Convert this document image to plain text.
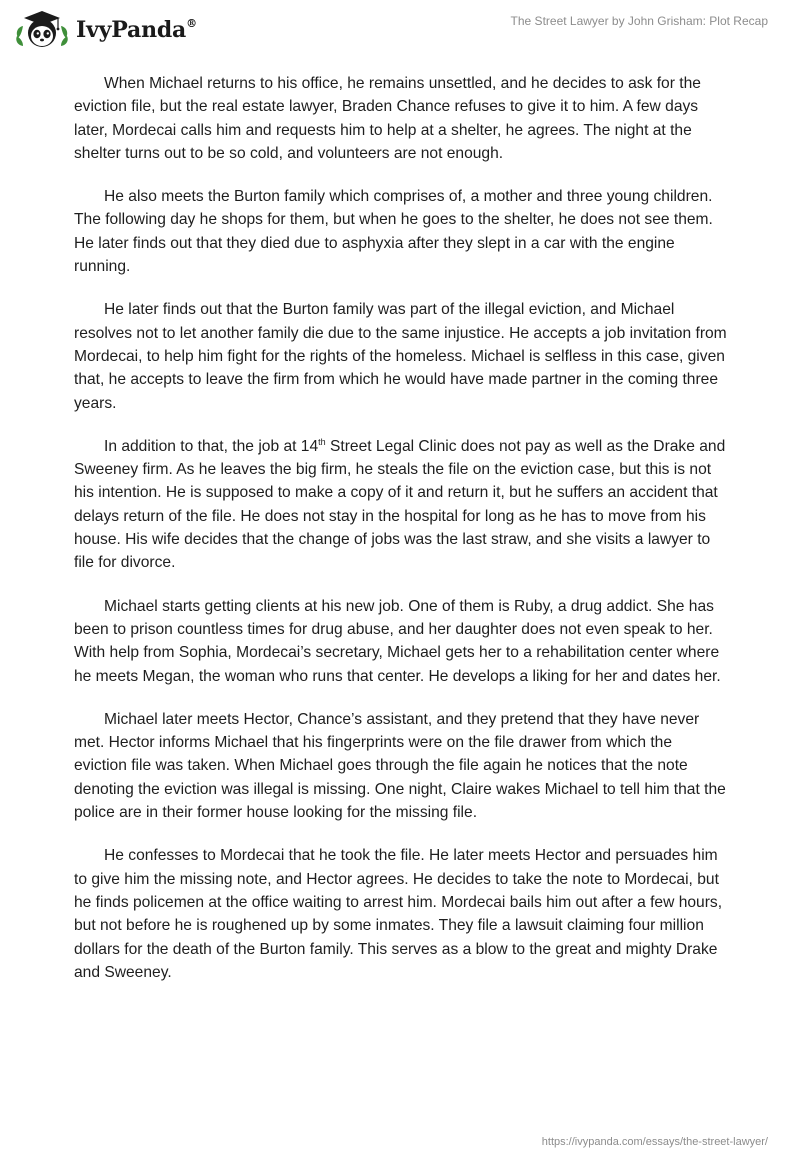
IvyPanda®	The Street Lawyer by John Grisham: Plot Recap

When Michael returns to his office, he remains unsettled, and he decides to ask for the eviction file, but the real estate lawyer, Braden Chance refuses to give it to him. A few days later, Mordecai calls him and requests him to help at a shelter, he agrees. The night at the shelter turns out to be so cold, and volunteers are not enough.

He also meets the Burton family which comprises of, a mother and three young children. The following day he shops for them, but when he goes to the shelter, he does not see them. He later finds out that they died due to asphyxia after they slept in a car with the engine running.

He later finds out that the Burton family was part of the illegal eviction, and Michael resolves not to let another family die due to the same injustice. He accepts a job invitation from Mordecai, to help him fight for the rights of the homeless. Michael is selfless in this case, given that, he accepts to leave the firm from which he would have made partner in the coming three years.

In addition to that, the job at 14th Street Legal Clinic does not pay as well as the Drake and Sweeney firm. As he leaves the big firm, he steals the file on the eviction case, but this is not his intention. He is supposed to make a copy of it and return it, but he suffers an accident that delays return of the file. He does not stay in the hospital for long as he has to move from his house. His wife decides that the change of jobs was the last straw, and she visits a lawyer to file for divorce.

Michael starts getting clients at his new job. One of them is Ruby, a drug addict. She has been to prison countless times for drug abuse, and her daughter does not even speak to her. With help from Sophia, Mordecai’s secretary, Michael gets her to a rehabilitation center where he meets Megan, the woman who runs that center. He develops a liking for her and dates her.

Michael later meets Hector, Chance’s assistant, and they pretend that they have never met. Hector informs Michael that his fingerprints were on the file drawer from which the eviction file was taken. When Michael goes through the file again he notices that the note denoting the eviction was illegal is missing. One night, Claire wakes Michael to tell him that the police are in their former house looking for the missing file.

He confesses to Mordecai that he took the file. He later meets Hector and persuades him to give him the missing note, and Hector agrees. He decides to take the note to Mordecai, but he finds policemen at the office waiting to arrest him. Mordecai bails him out after a few hours, but not before he is roughened up by some inmates. They file a lawsuit claiming four million dollars for the death of the Burton family. This serves as a blow to the great and mighty Drake and Sweeney.

https://ivypanda.com/essays/the-street-lawyer/
